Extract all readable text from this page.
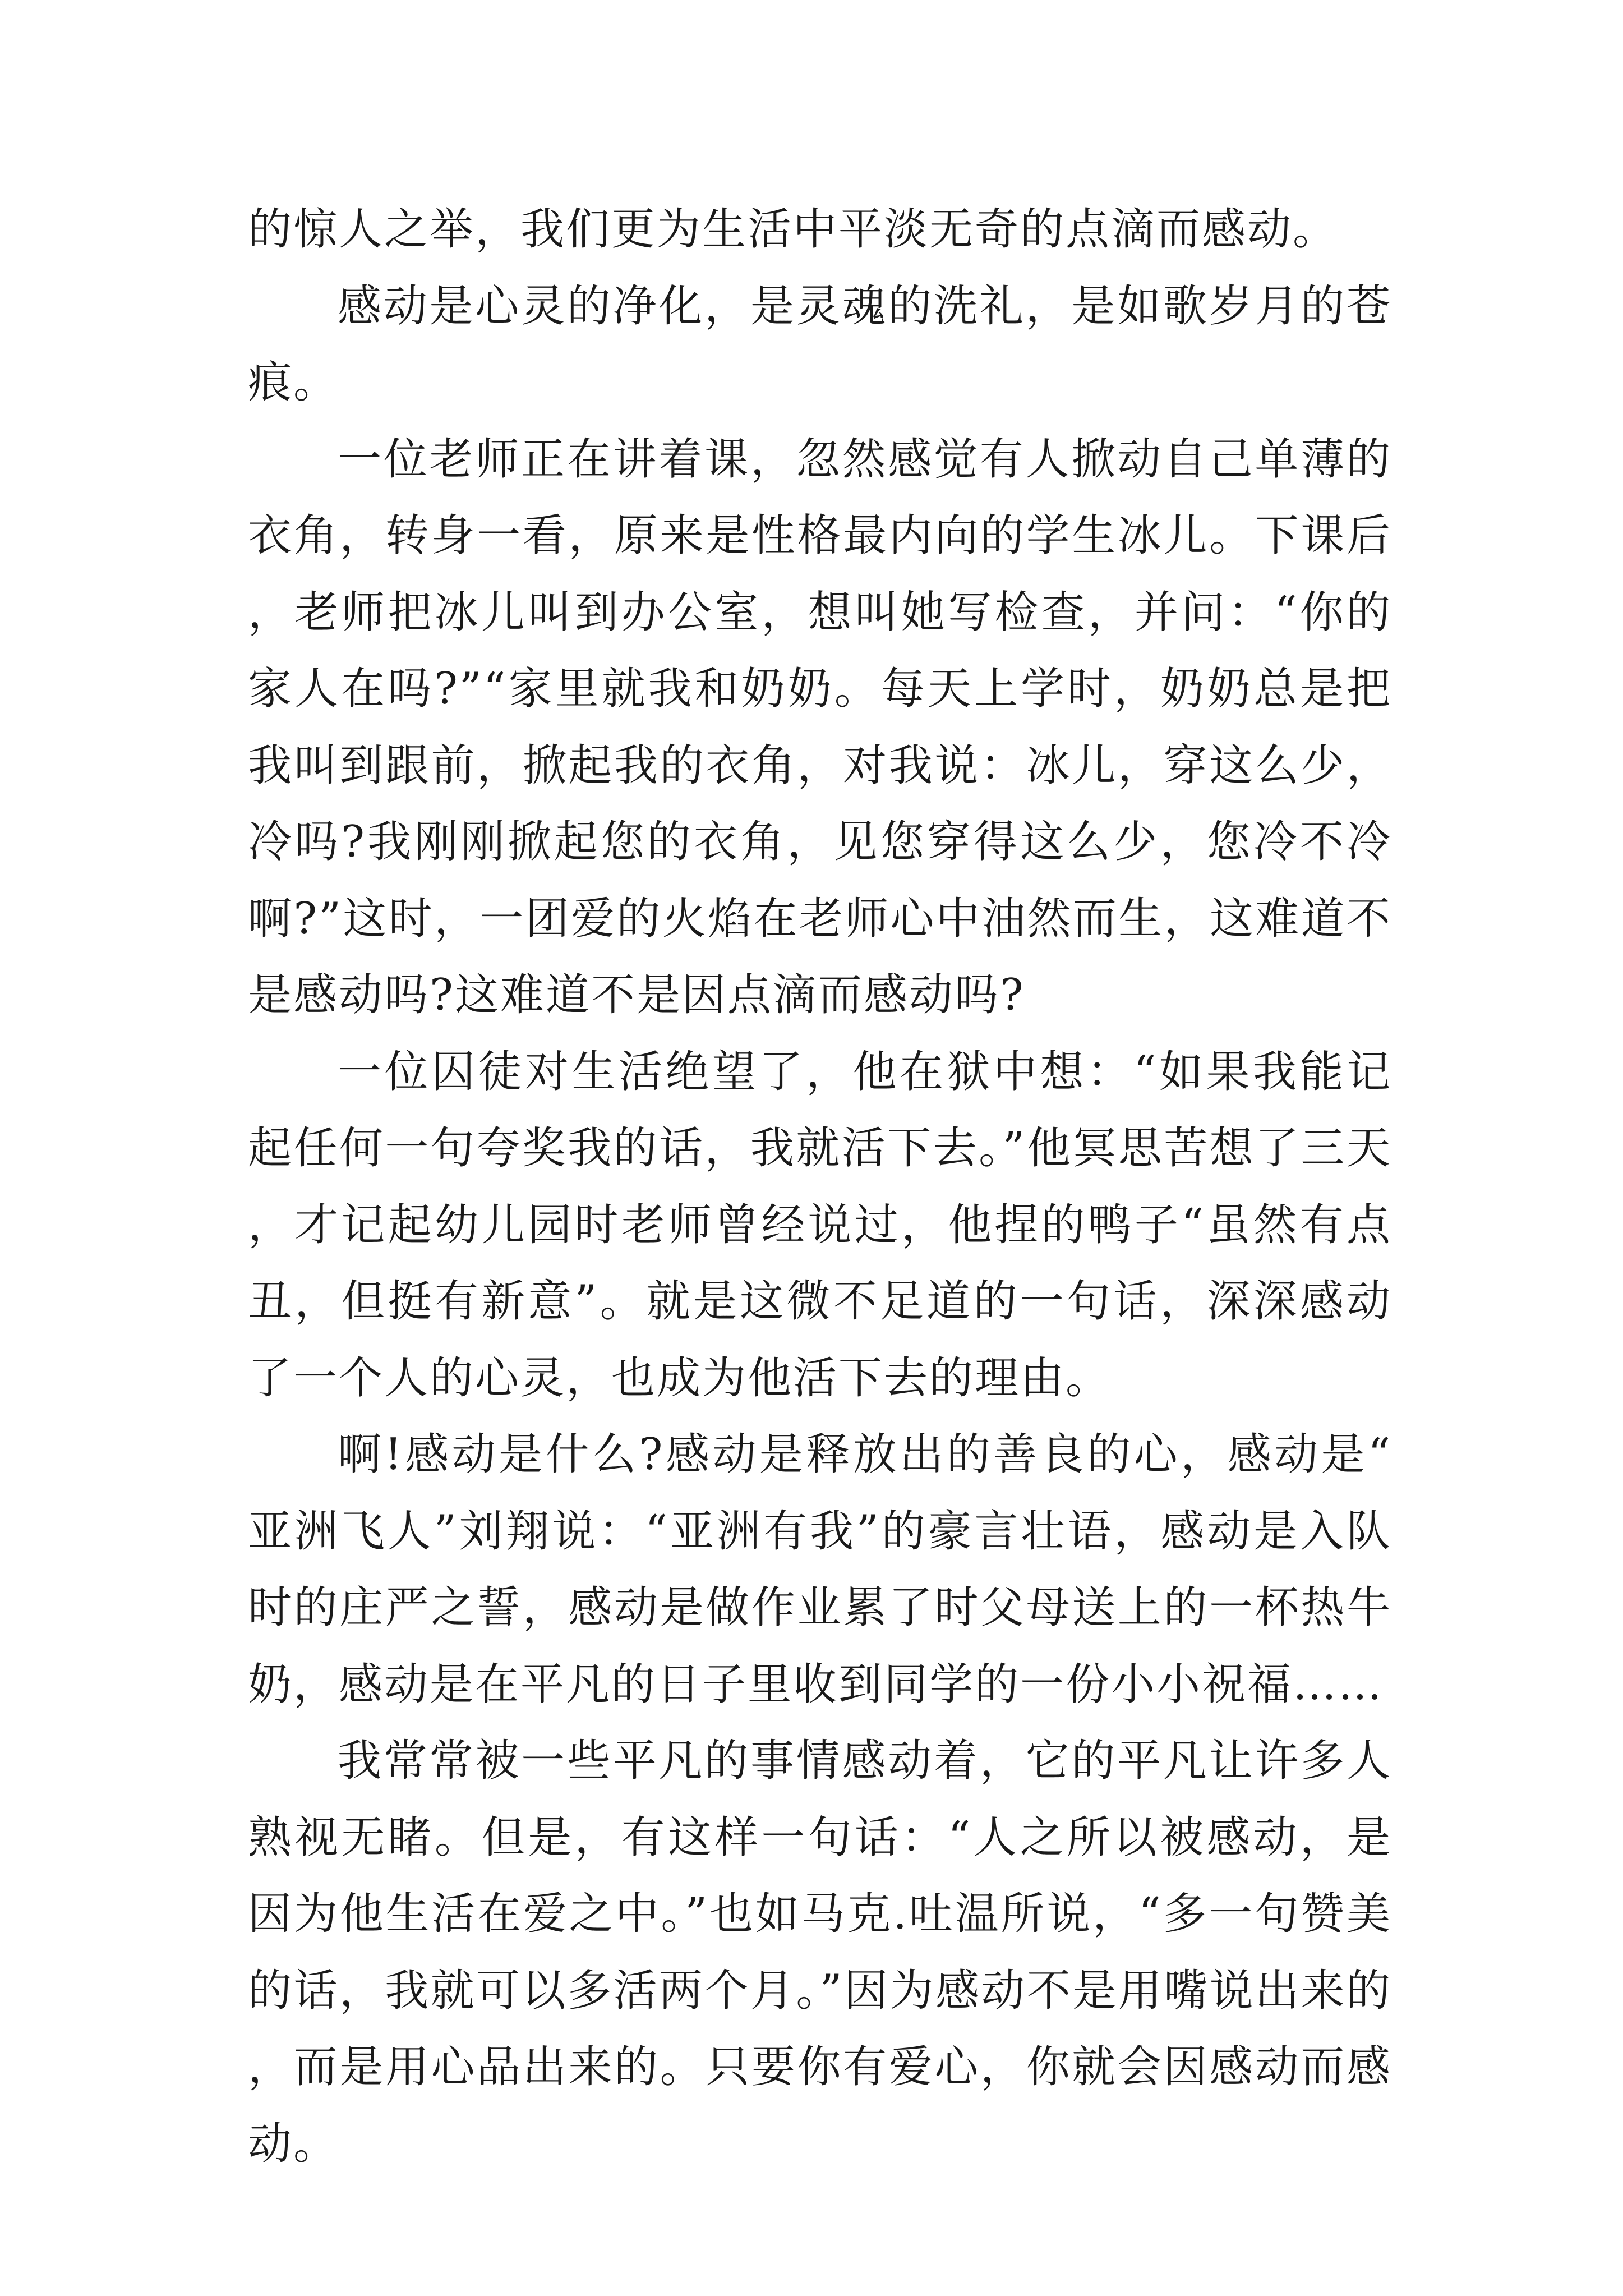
的惊人之举，我们更为生活中平淡无奇的点滴而感动。

感动是心灵的净化，是灵魂的洗礼，是如歌岁月的苍痕。

一位老师正在讲着课，忽然感觉有人掀动自己单薄的衣角，转身一看，原来是性格最内向的学生冰儿。下课后，老师把冰儿叫到办公室，想叫她写检查，并问：“你的家人在吗?”“家里就我和奶奶。每天上学时，奶奶总是把我叫到跟前，掀起我的衣角，对我说：冰儿，穿这么少，冷吗?我刚刚掀起您的衣角，见您穿得这么少，您冷不冷啊?”这时，一团爱的火焰在老师心中油然而生，这难道不是感动吗?这难道不是因点滴而感动吗?

一位囚徒对生活绝望了，他在狱中想：“如果我能记起任何一句夸奖我的话，我就活下去。”他冥思苦想了三天，才记起幼儿园时老师曾经说过，他捏的鸭子“虽然有点丑，但挺有新意”。就是这微不足道的一句话，深深感动了一个人的心灵，也成为他活下去的理由。

啊!感动是什么?感动是释放出的善良的心，感动是“亚洲飞人”刘翔说：“亚洲有我”的豪言壮语，感动是入队时的庄严之誓，感动是做作业累了时父母送上的一杯热牛奶，感动是在平凡的日子里收到同学的一份小小祝福……

我常常被一些平凡的事情感动着，它的平凡让许多人熟视无睹。但是，有这样一句话：“人之所以被感动，是因为他生活在爱之中。”也如马克.吐温所说，“多一句赞美的话，我就可以多活两个月。”因为感动不是用嘴说出来的，而是用心品出来的。只要你有爱心，你就会因感动而感动。
